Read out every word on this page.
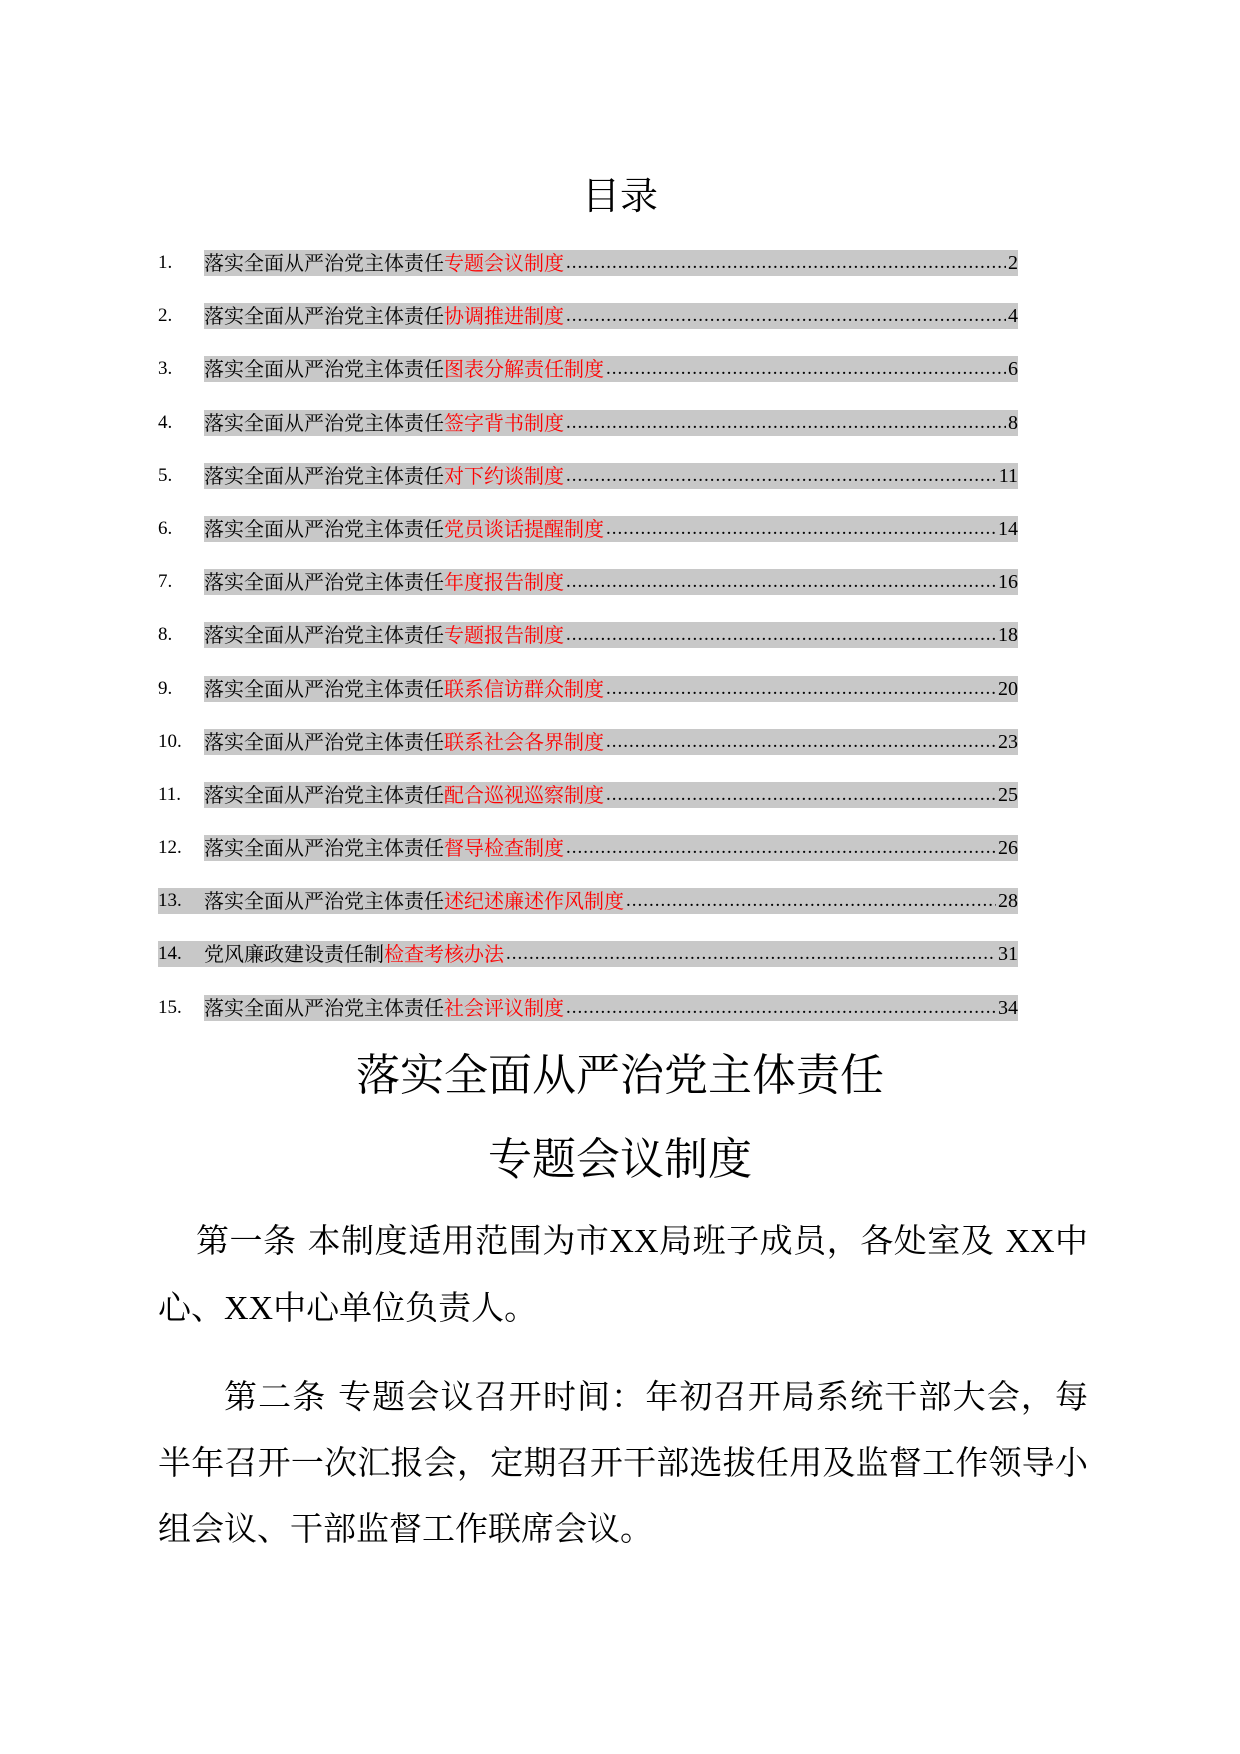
目录
1.	落实全面从严治党主体责任 专题会议制度 .....	2
2.	落实全面从严治党主体责任 协调推进制度 .....	4
3.	落实全面从严治党主体责任 图表分解责任制度 .....	6
4.	落实全面从严治党主体责任 签字背书制度 .....	8
5.	落实全面从严治党主体责任 对下约谈制度 .....	11
6.	落实全面从严治党主体责任 党员谈话提醒制度 .....	14
7.	落实全面从严治党主体责任 年度报告制度 .....	16
8.	落实全面从严治党主体责任 专题报告制度 .....	18
9.	落实全面从严治党主体责任 联系信访群众制度 .....	20
10.	落实全面从严治党主体责任 联系社会各界制度 .....	23
11.	落实全面从严治党主体责任 配合巡视巡察制度 .....	25
12.	落实全面从严治党主体责任 督导检查制度 .....	26
13.	落实全面从严治党主体责任 述纪述廉述作风制度 .....	28
14.	党风廉政建设责任制 检查考核办法 .....	31
15.	落实全面从严治党主体责任 社会评议制度 .....	34
落实全面从严治党主体责任
专题会议制度

第一条 本制度适用范围为市XX局班子成员，各处室及 XX中心、XX中心单位负责人。

第二条 专题会议召开时间：年初召开局系统干部大会，每半年召开一次汇报会，定期召开干部选拔任用及监督工作领导小组会议、干部监督工作联席会议。
